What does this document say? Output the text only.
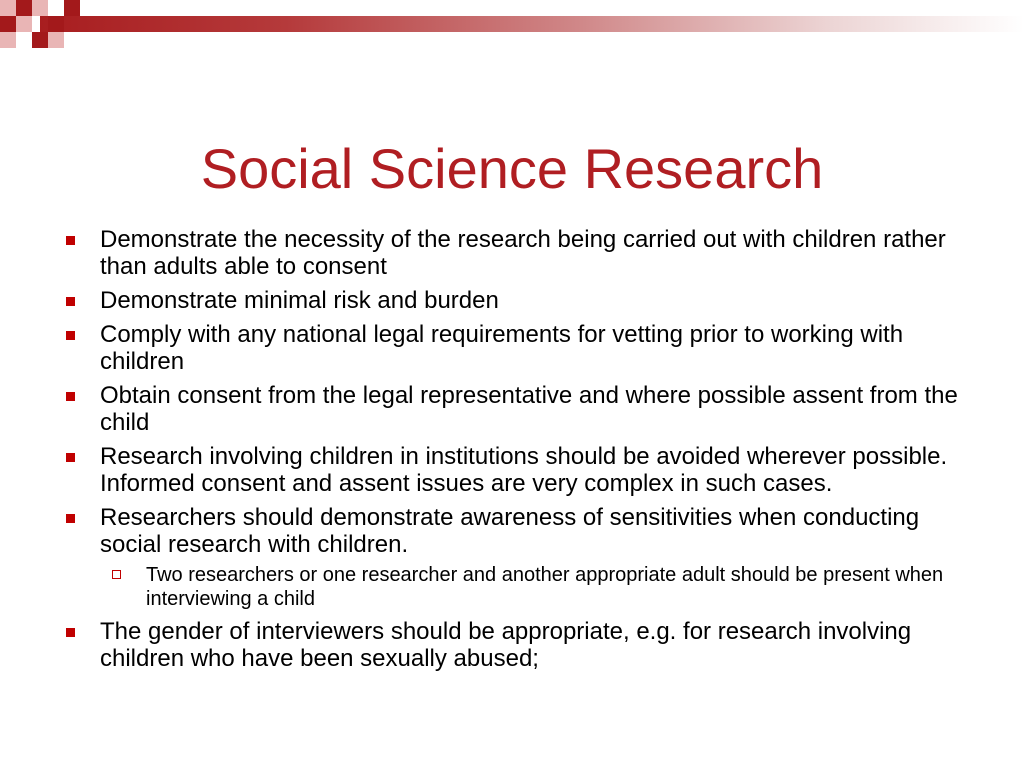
Social Science Research
Demonstrate the necessity of the research being carried out with children rather than adults able to consent
Demonstrate minimal risk and burden
Comply with any national legal requirements for vetting prior to working with children
Obtain consent from the legal representative and where possible assent from the child
Research involving children in institutions should be avoided wherever possible. Informed consent and assent issues are very complex in such cases.
Researchers should demonstrate awareness of sensitivities when conducting social research with children.
Two researchers or one researcher and another appropriate adult should be present when interviewing a child
The gender of interviewers should be appropriate, e.g. for research involving children who have been sexually abused;
